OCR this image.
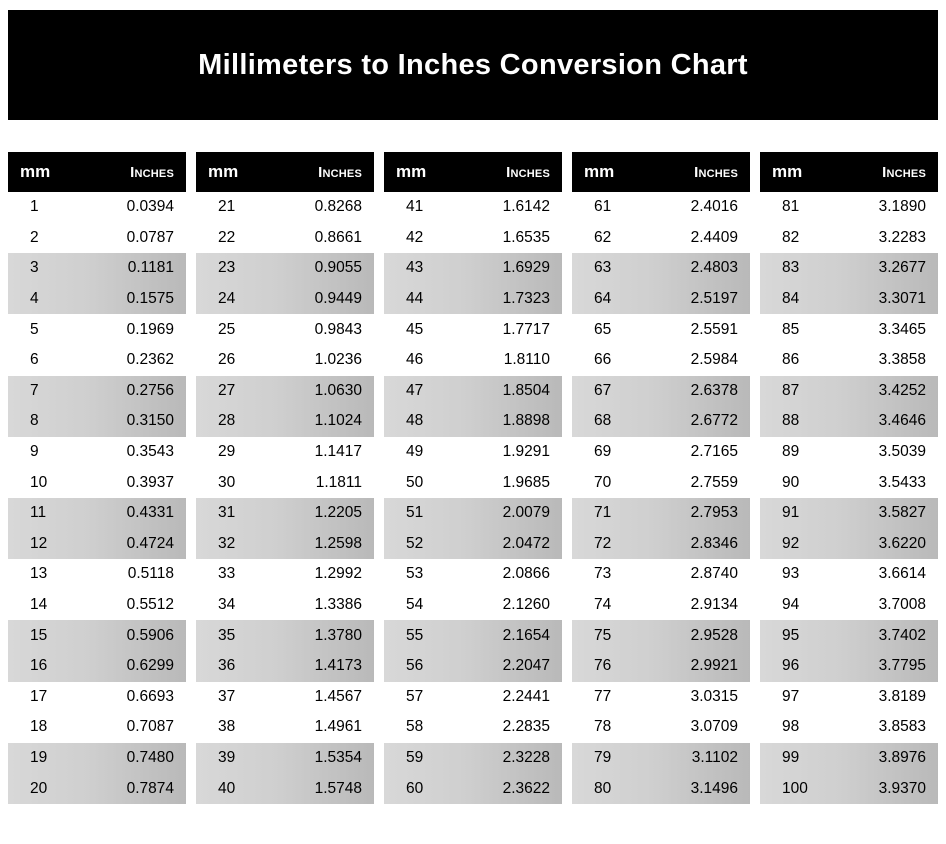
Millimeters to Inches Conversion Chart
mm	Inches
1	0.0394
2	0.0787
3	0.1181
4	0.1575
5	0.1969
6	0.2362
7	0.2756
8	0.3150
9	0.3543
10	0.3937
11	0.4331
12	0.4724
13	0.5118
14	0.5512
15	0.5906
16	0.6299
17	0.6693
18	0.7087
19	0.7480
20	0.7874
mm	Inches
21	0.8268
22	0.8661
23	0.9055
24	0.9449
25	0.9843
26	1.0236
27	1.0630
28	1.1024
29	1.1417
30	1.1811
31	1.2205
32	1.2598
33	1.2992
34	1.3386
35	1.3780
36	1.4173
37	1.4567
38	1.4961
39	1.5354
40	1.5748
mm	Inches
41	1.6142
42	1.6535
43	1.6929
44	1.7323
45	1.7717
46	1.8110
47	1.8504
48	1.8898
49	1.9291
50	1.9685
51	2.0079
52	2.0472
53	2.0866
54	2.1260
55	2.1654
56	2.2047
57	2.2441
58	2.2835
59	2.3228
60	2.3622
mm	Inches
61	2.4016
62	2.4409
63	2.4803
64	2.5197
65	2.5591
66	2.5984
67	2.6378
68	2.6772
69	2.7165
70	2.7559
71	2.7953
72	2.8346
73	2.8740
74	2.9134
75	2.9528
76	2.9921
77	3.0315
78	3.0709
79	3.1102
80	3.1496
mm	Inches
81	3.1890
82	3.2283
83	3.2677
84	3.3071
85	3.3465
86	3.3858
87	3.4252
88	3.4646
89	3.5039
90	3.5433
91	3.5827
92	3.6220
93	3.6614
94	3.7008
95	3.7402
96	3.7795
97	3.8189
98	3.8583
99	3.8976
100	3.9370
